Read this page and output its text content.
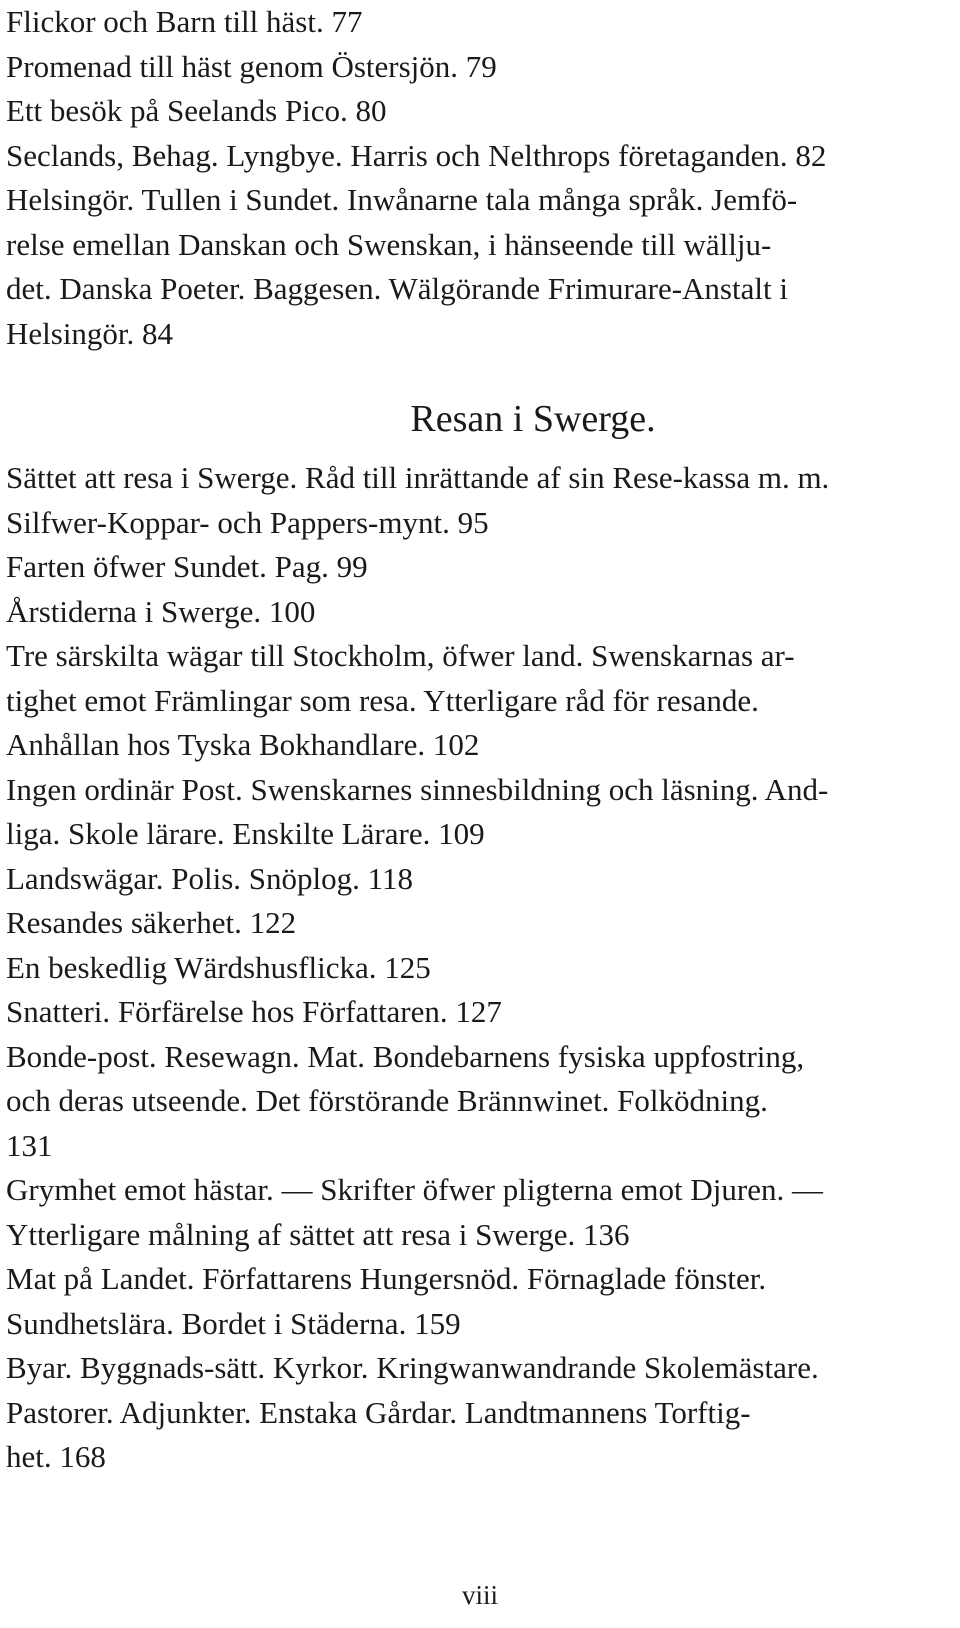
Flickor och Barn till häst. 77

Promenad till häst genom Östersjön. 79

Ett besök på Seelands Pico. 80

Seclands, Behag. Lyngbye. Harris och Nelthrops företaganden. 82

Helsingör. Tullen i Sundet. Inwånarne tala många språk. Jemfö-
relse emellan Danskan och Swenskan, i hänseende till wällju-
det. Danska Poeter. Baggesen. Wälgörande Frimurare-Anstalt i
Helsingör. 84

Resan i Swerge.

Sättet att resa i Swerge. Råd till inrättande af sin Rese-kassa m. m.
Silfwer-Koppar- och Pappers-mynt. 95

Farten öfwer Sundet. Pag. 99

Årstiderna i Swerge. 100

Tre särskilta wägar till Stockholm, öfwer land. Swenskarnas ar-
tighet emot Främlingar som resa. Ytterligare råd för resande.
Anhållan hos Tyska Bokhandlare. 102

Ingen ordinär Post. Swenskarnes sinnesbildning och läsning. And-
liga. Skole lärare. Enskilte Lärare. 109

Landswägar. Polis. Snöplog. 118

Resandes säkerhet. 122

En beskedlig Wärdshusflicka. 125

Snatteri. Förfärelse hos Författaren. 127

Bonde-post. Resewagn. Mat. Bondebarnens fysiska uppfostring,
och deras utseende. Det förstörande Brännwinet. Folködning.
131

Grymhet emot hästar. — Skrifter öfwer pligterna emot Djuren. —
Ytterligare målning af sättet att resa i Swerge. 136

Mat på Landet. Författarens Hungersnöd. Förnaglade fönster.
Sundhetslära. Bordet i Städerna. 159

Byar. Byggnads-sätt. Kyrkor. Kringwanwandrande Skolemästare.
Pastorer. Adjunkter. Enstaka Gårdar. Landtmannens Torftig-
het. 168

viii
